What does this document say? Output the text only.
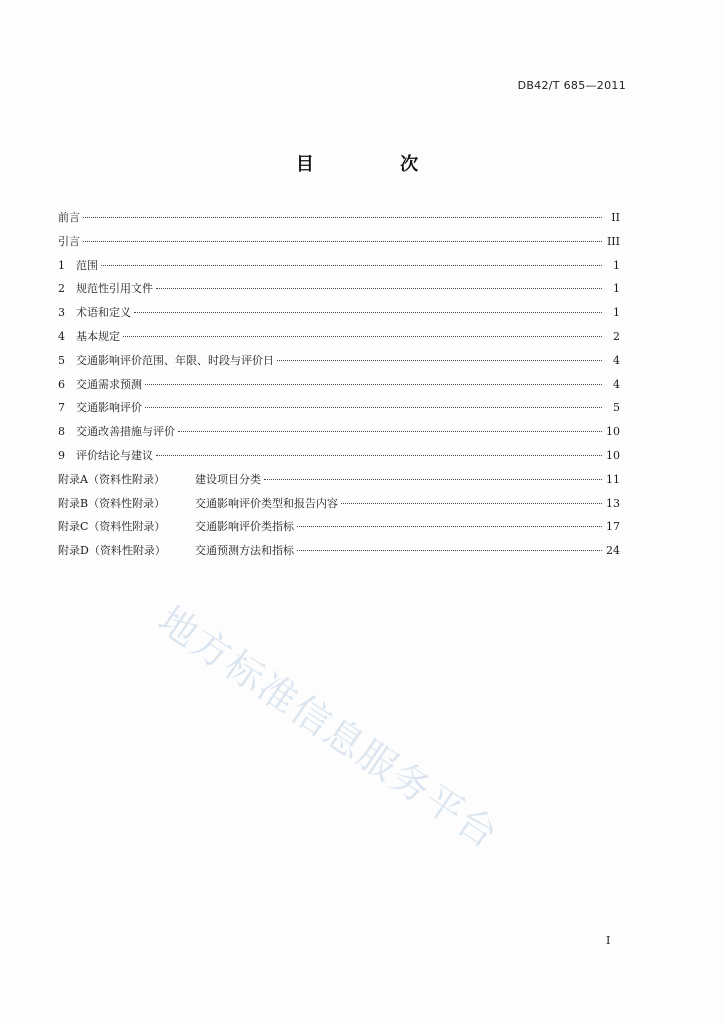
DB42/T 685—2011
目 次
前言	II
引言	III
1	范围	1
2	规范性引用文件	1
3	术语和定义	1
4	基本规定	2
5	交通影响评价范围、年限、时段与评价日	4
6	交通需求预测	4
7	交通影响评价	5
8	交通改善措施与评价	10
9	评价结论与建议	10
附录A（资料性附录）	建设项目分类	11
附录B（资料性附录）	交通影响评价类型和报告内容	13
附录C（资料性附录）	交通影响评价类指标	17
附录D（资料性附录）	交通预测方法和指标	24
地方标准信息服务平台
I
